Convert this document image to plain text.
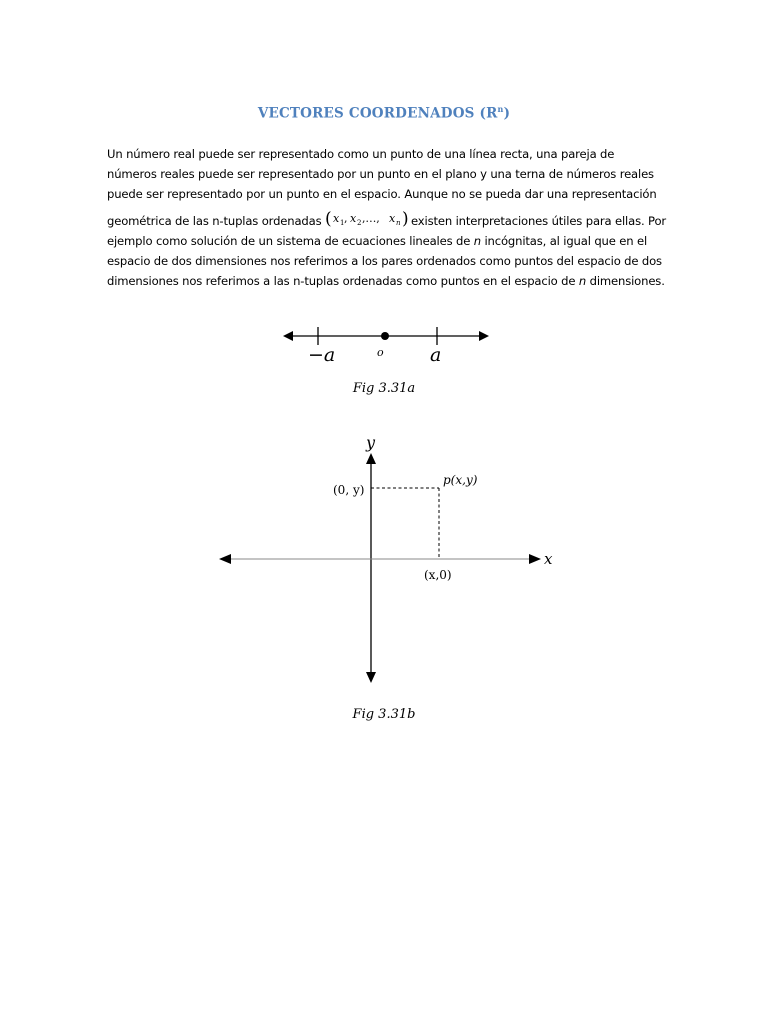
VECTORES COORDENADOS $(R^n)$
Un número real puede ser representado como un punto de una línea recta, una pareja de
números reales puede ser representado por un punto en el plano y una terna de números reales
puede ser representado por un punto en el espacio. Aunque no se pueda dar una representación
geométrica de las n-tuplas ordenadas ( x 1 , x 2 ,…, x n ) existen interpretaciones útiles para ellas. Por
ejemplo como solución de un sistema de ecuaciones lineales de n incógnitas, al igual que en el
espacio de dos dimensiones nos referimos a los pares ordenados como puntos del espacio de dos
dimensiones nos referimos a las n-tuplas ordenadas como puntos en el espacio de n dimensiones.
−a	o a
y
x
p(x,y)
(0, y)
(x,0)
Fig 3.31a
Fig 3.31b
